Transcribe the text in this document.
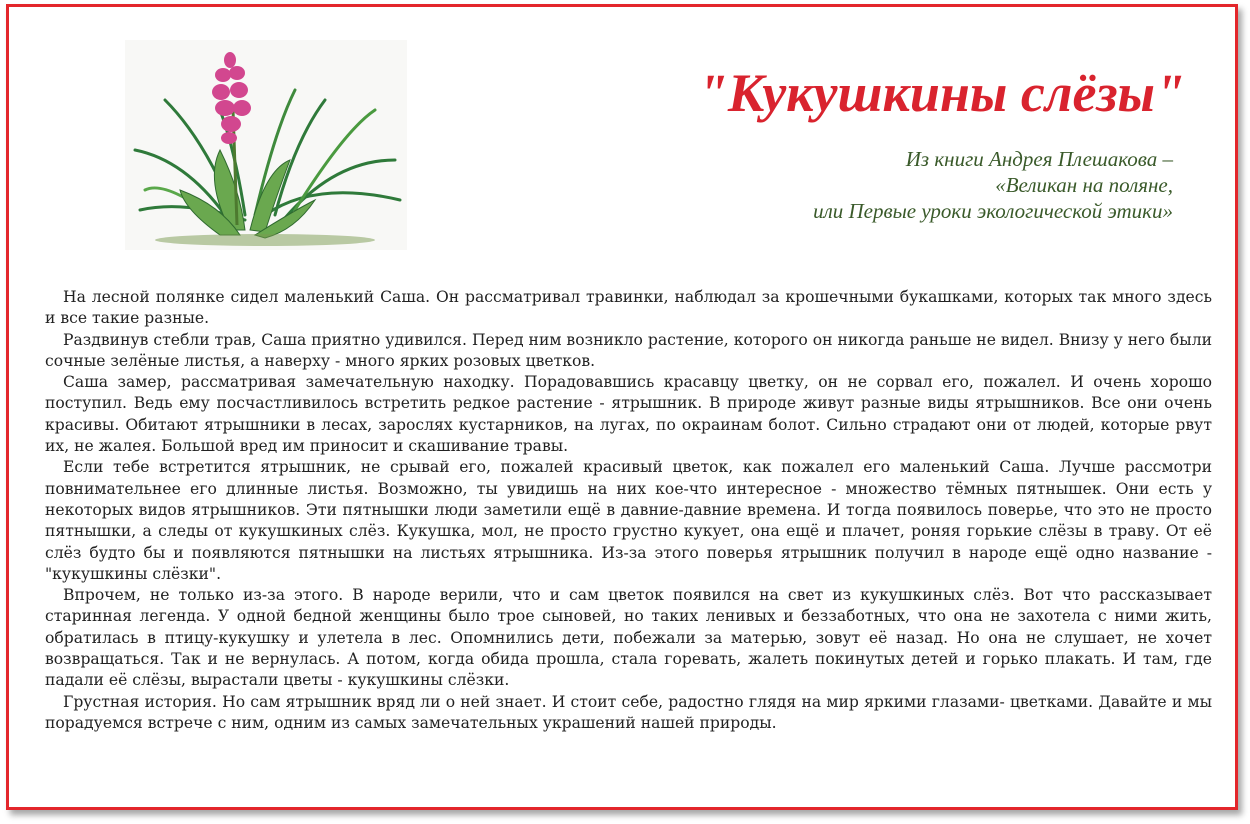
"Кукушкины слёзы"
Из книги Андрея Плешакова –
«Великан на поляне,
или Первые уроки экологической этики»

На лесной полянке сидел маленький Саша. Он рассматривал травинки, наблюдал за крошечными букашками, которых так много здесь и все такие разные.

Раздвинув стебли трав, Саша приятно удивился. Перед ним возникло растение, которого он никогда раньше не видел. Внизу у него были сочные зелёные листья, а наверху - много ярких розовых цветков.

Саша замер, рассматривая замечательную находку. Порадовавшись красавцу цветку, он не сорвал его, пожалел. И очень хорошо поступил. Ведь ему посчастливилось встретить редкое растение - ятрышник. В природе живут разные виды ятрышников. Все они очень красивы. Обитают ятрышники в лесах, зарослях кустарников, на лугах, по окраинам болот. Сильно страдают они от людей, которые рвут их, не жалея. Большой вред им приносит и скашивание травы.

Если тебе встретится ятрышник, не срывай его, пожалей красивый цветок, как пожалел его маленький Саша. Лучше рассмотри повнимательнее его длинные листья. Возможно, ты увидишь на них кое-что интересное - множество тёмных пятнышек. Они есть у некоторых видов ятрышников. Эти пятнышки люди заметили ещё в давние-давние времена. И тогда появилось поверье, что это не просто пятнышки, а следы от кукушкиных слёз. Кукушка, мол, не просто грустно кукует, она ещё и плачет, роняя горькие слёзы в траву. От её слёз будто бы и появляются пятнышки на листьях ятрышника. Из-за этого поверья ятрышник получил в народе ещё одно название - "кукушкины слёзки".

Впрочем, не только из-за этого. В народе верили, что и сам цветок появился на свет из кукушкиных слёз. Вот что рассказывает старинная легенда. У одной бедной женщины было трое сыновей, но таких ленивых и беззаботных, что она не захотела с ними жить, обратилась в птицу-кукушку и улетела в лес. Опомнились дети, побежали за матерью, зовут её назад. Но она не слушает, не хочет возвращаться. Так и не вернулась. А потом, когда обида прошла, стала горевать, жалеть покинутых детей и горько плакать. И там, где падали её слёзы, вырастали цветы - кукушкины слёзки.

Грустная история. Но сам ятрышник вряд ли о ней знает. И стоит себе, радостно глядя на мир яркими глазами- цветками. Давайте и мы порадуемся встрече с ним, одним из самых замечательных украшений нашей природы.
